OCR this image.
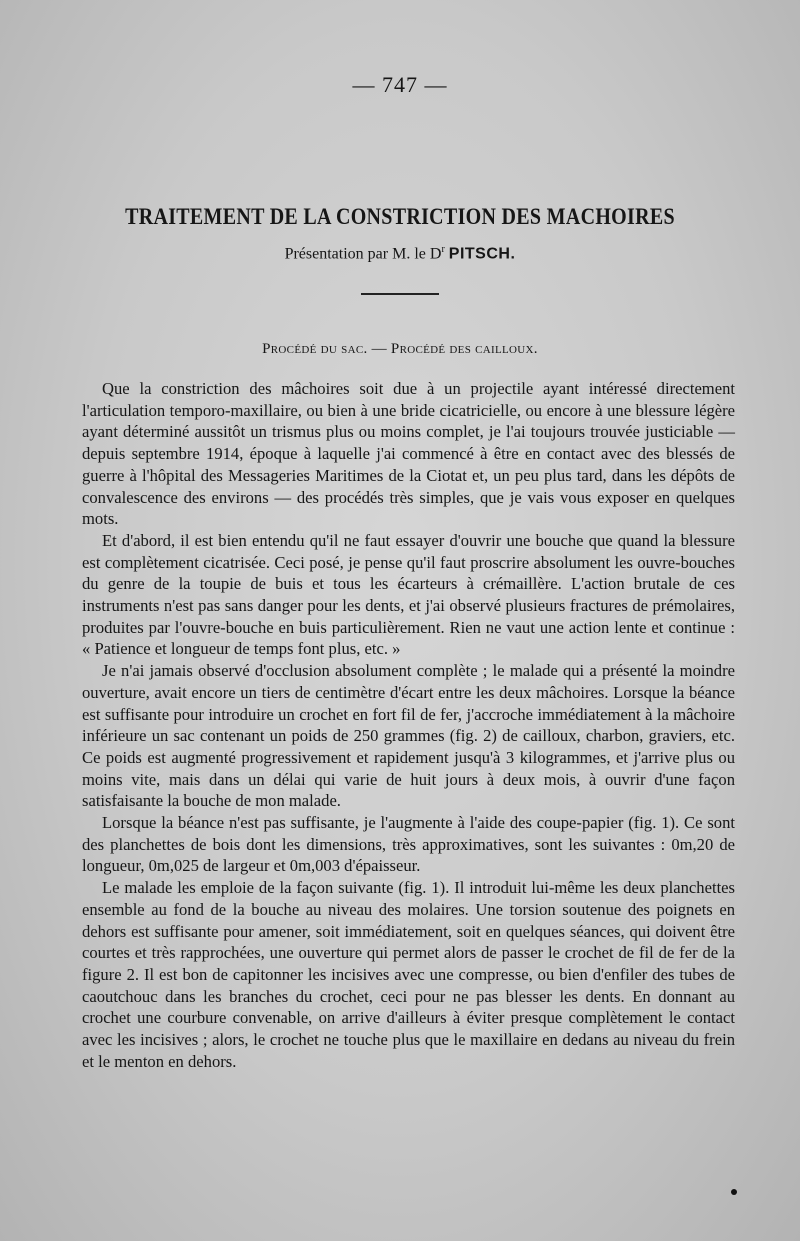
— 747 —
TRAITEMENT DE LA CONSTRICTION DES MACHOIRES
Présentation par M. le $D^r$ PITSCH.
Procédé du sac. — Procédé des cailloux.

Que la constriction des mâchoires soit due à un projectile ayant intéressé directement l'articulation temporo-maxillaire, ou bien à une bride cicatricielle, ou encore à une blessure légère ayant déterminé aussitôt un trismus plus ou moins complet, je l'ai toujours trouvée justiciable — depuis septembre 1914, époque à laquelle j'ai commencé à être en contact avec des blessés de guerre à l'hôpital des Messageries Maritimes de la Ciotat et, un peu plus tard, dans les dépôts de convalescence des environs — des procédés très simples, que je vais vous exposer en quelques mots.

Et d'abord, il est bien entendu qu'il ne faut essayer d'ouvrir une bouche que quand la blessure est complètement cicatrisée. Ceci posé, je pense qu'il faut proscrire absolument les ouvre-bouches du genre de la toupie de buis et tous les écarteurs à crémaillère. L'action brutale de ces instruments n'est pas sans danger pour les dents, et j'ai observé plusieurs fractures de prémolaires, produites par l'ouvre-bouche en buis particulièrement. Rien ne vaut une action lente et continue : « Patience et longueur de temps font plus, etc. »

Je n'ai jamais observé d'occlusion absolument complète ; le malade qui a présenté la moindre ouverture, avait encore un tiers de centimètre d'écart entre les deux mâchoires. Lorsque la béance est suffisante pour introduire un crochet en fort fil de fer, j'accroche immédiatement à la mâchoire inférieure un sac contenant un poids de 250 grammes (fig. 2) de cailloux, charbon, graviers, etc. Ce poids est augmenté progressivement et rapidement jusqu'à 3 kilogrammes, et j'arrive plus ou moins vite, mais dans un délai qui varie de huit jours à deux mois, à ouvrir d'une façon satisfaisante la bouche de mon malade.

Lorsque la béance n'est pas suffisante, je l'augmente à l'aide des coupe-papier (fig. 1). Ce sont des planchettes de bois dont les dimensions, très approximatives, sont les suivantes : 0m,20 de longueur, 0m,025 de largeur et 0m,003 d'épaisseur.

Le malade les emploie de la façon suivante (fig. 1). Il introduit lui-même les deux planchettes ensemble au fond de la bouche au niveau des molaires. Une torsion soutenue des poignets en dehors est suffisante pour amener, soit immédiatement, soit en quelques séances, qui doivent être courtes et très rapprochées, une ouverture qui permet alors de passer le crochet de fil de fer de la figure 2. Il est bon de capitonner les incisives avec une compresse, ou bien d'enfiler des tubes de caoutchouc dans les branches du crochet, ceci pour ne pas blesser les dents. En donnant au crochet une courbure convenable, on arrive d'ailleurs à éviter presque complètement le contact avec les incisives ; alors, le crochet ne touche plus que le maxillaire en dedans au niveau du frein et le menton en dehors.
